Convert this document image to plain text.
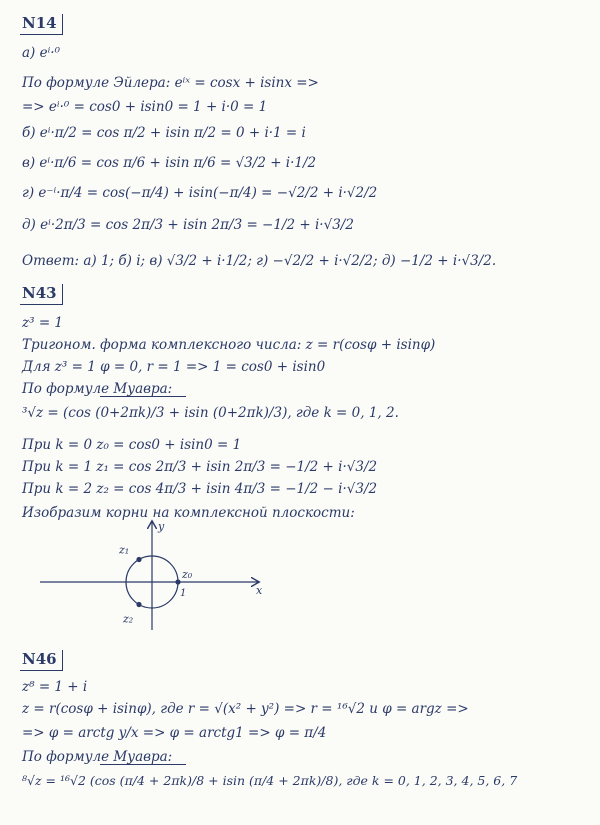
N14
а) eⁱ·⁰
По формуле Эйлера: eⁱˣ = cosx + isinx =>
=> eⁱ·⁰ = cos0 + isin0 = 1 + i·0 = 1
б) eⁱ·π/2 = cos π/2 + isin π/2 = 0 + i·1 = i
в) eⁱ·π/6 = cos π/6 + isin π/6 = √3/2 + i·1/2
г) e⁻ⁱ·π/4 = cos(−π/4) + isin(−π/4) = −√2/2 + i·√2/2
д) eⁱ·2π/3 = cos 2π/3 + isin 2π/3 = −1/2 + i·√3/2
Ответ: а) 1; б) i; в) √3/2 + i·1/2; г) −√2/2 + i·√2/2; д) −1/2 + i·√3/2.
N43
z³ = 1
Тригоном. форма комплексного числа: z = r(cosφ + isinφ)
Для z³ = 1 φ = 0, r = 1 => 1 = cos0 + isin0
По формуле Муавра:
³√z = (cos (0+2πk)/3 + isin (0+2πk)/3), где k = 0, 1, 2.
При k = 0 z₀ = cos0 + isin0 = 1
При k = 1 z₁ = cos 2π/3 + isin 2π/3 = −1/2 + i·√3/2
При k = 2 z₂ = cos 4π/3 + isin 4π/3 = −1/2 − i·√3/2
Изобразим корни на комплексной плоскости:
x
y
1
z₀
z₁
z₂
N46
z⁸ = 1 + i
z = r(cosφ + isinφ), где r = √(x² + y²) => r = ¹⁶√2 и φ = argz =>
=> φ = arctg y/x => φ = arctg1 => φ = π/4
По формуле Муавра:
⁸√z = ¹⁶√2 (cos (π/4 + 2πk)/8 + isin (π/4 + 2πk)/8), где k = 0, 1, 2, 3, 4, 5, 6, 7
